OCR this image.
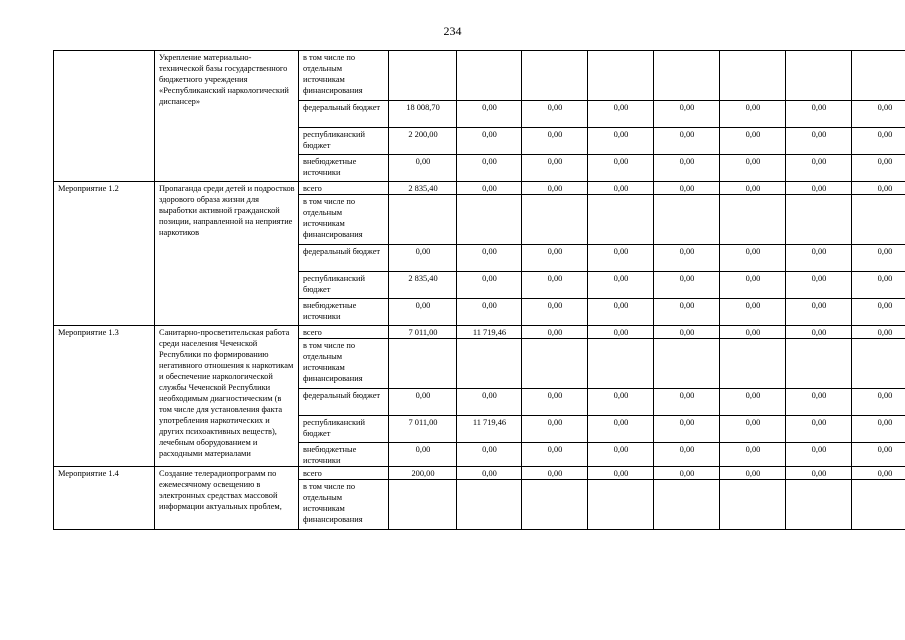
234
	Укрепление материально-технической базы государственного бюджетного учреждения «Республиканский наркологический диспансер»	в том числе по отдельным источникам финансирования								
		федеральный бюджет	18 008,70	0,00	0,00	0,00	0,00	0,00	0,00	0,00
		республиканский бюджет	2 200,00	0,00	0,00	0,00	0,00	0,00	0,00	0,00
		внебюджетные источники	0,00	0,00	0,00	0,00	0,00	0,00	0,00	0,00
Мероприятие 1.2	Пропаганда среди детей и подростков здорового образа жизни для выработки активной гражданской позиции, направленной на неприятие наркотиков	всего	2 835,40	0,00	0,00	0,00	0,00	0,00	0,00	0,00
		в том числе по отдельным источникам финансирования								
		федеральный бюджет	0,00	0,00	0,00	0,00	0,00	0,00	0,00	0,00
		республиканский бюджет	2 835,40	0,00	0,00	0,00	0,00	0,00	0,00	0,00
		внебюджетные источники	0,00	0,00	0,00	0,00	0,00	0,00	0,00	0,00
Мероприятие 1.3	Санитарно-просветительская работа среди населения Чеченской Республики по формированию негативного отношения к наркотикам и обеспечение наркологической службы Чеченской Республики необходимым диагностическим (в том числе для установления факта употребления наркотических и других психоактивных веществ), лечебным оборудованием и расходными материалами	всего	7 011,00	11 719,46	0,00	0,00	0,00	0,00	0,00	0,00
		в том числе по отдельным источникам финансирования								
		федеральный бюджет	0,00	0,00	0,00	0,00	0,00	0,00	0,00	0,00
		республиканский бюджет	7 011,00	11 719,46	0,00	0,00	0,00	0,00	0,00	0,00
		внебюджетные источники	0,00	0,00	0,00	0,00	0,00	0,00	0,00	0,00
Мероприятие 1.4	Создание телерадиопрограмм по ежемесячному освещению в электронных средствах массовой информации актуальных проблем,	всего	200,00	0,00	0,00	0,00	0,00	0,00	0,00	0,00
		в том числе по отдельным источникам финансирования								
